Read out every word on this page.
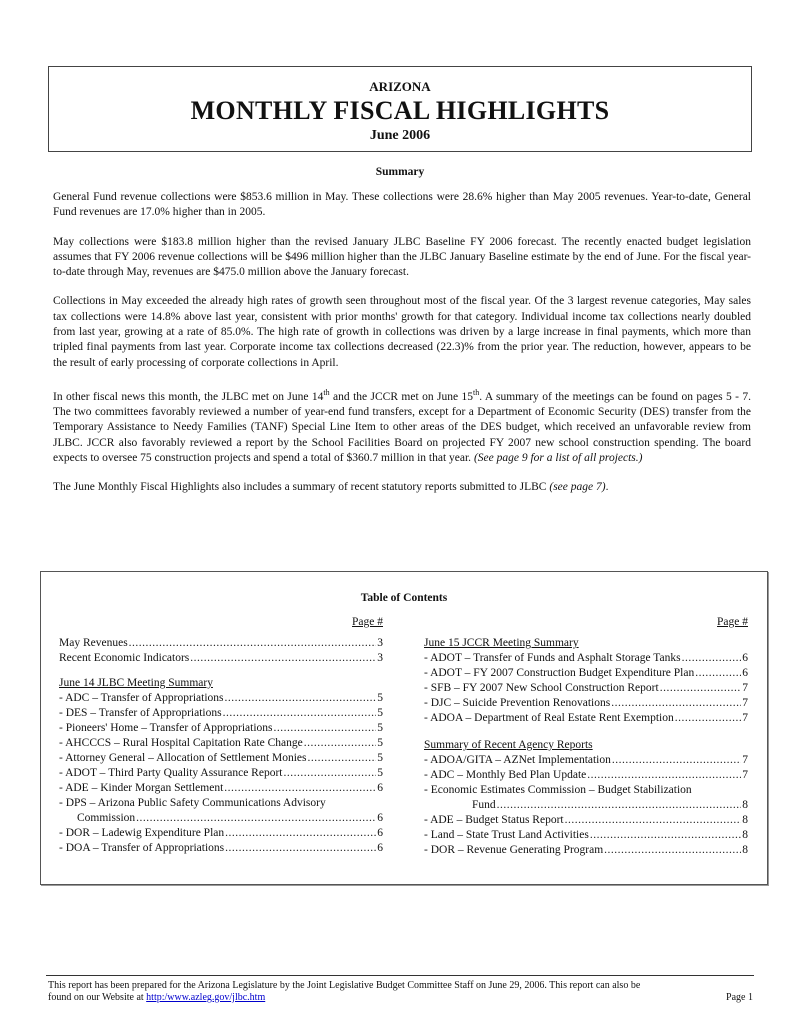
ARIZONA
MONTHLY FISCAL HIGHLIGHTS
June 2006
Summary

General Fund revenue collections were $853.6 million in May. These collections were 28.6% higher than May 2005 revenues. Year-to-date, General Fund revenues are 17.0% higher than in 2005.

May collections were $183.8 million higher than the revised January JLBC Baseline FY 2006 forecast. The recently enacted budget legislation assumes that FY 2006 revenue collections will be $496 million higher than the JLBC January Baseline estimate by the end of June. For the fiscal year-to-date through May, revenues are $475.0 million above the January forecast.

Collections in May exceeded the already high rates of growth seen throughout most of the fiscal year. Of the 3 largest revenue categories, May sales tax collections were 14.8% above last year, consistent with prior months' growth for that category. Individual income tax collections nearly doubled from last year, growing at a rate of 85.0%. The high rate of growth in collections was driven by a large increase in final payments, which more than tripled final payments from last year. Corporate income tax collections decreased (22.3)% from the prior year. The reduction, however, appears to be the result of early processing of corporate collections in April.

In other fiscal news this month, the JLBC met on June 14th and the JCCR met on June 15th. A summary of the meetings can be found on pages 5 - 7. The two committees favorably reviewed a number of year-end fund transfers, except for a Department of Economic Security (DES) transfer from the Temporary Assistance to Needy Families (TANF) Special Line Item to other areas of the DES budget, which received an unfavorable review from JLBC. JCCR also favorably reviewed a report by the School Facilities Board on projected FY 2007 new school construction spending. The board expects to oversee 75 construction projects and spend a total of $360.7 million in that year. (See page 9 for a list of all projects.)

The June Monthly Fiscal Highlights also includes a summary of recent statutory reports submitted to JLBC (see page 7).

Table of Contents
Page #
May Revenues .....	3
Recent Economic Indicators .....	3
June 14 JLBC Meeting Summary
- ADC – Transfer of Appropriations .....	5
- DES – Transfer of Appropriations .....	5
- Pioneers' Home – Transfer of Appropriations .....	5
- AHCCCS – Rural Hospital Capitation Rate Change .....	5
- Attorney General – Allocation of Settlement Monies .....	5
- ADOT – Third Party Quality Assurance Report .....	5
- ADE – Kinder Morgan Settlement .....	6
- DPS – Arizona Public Safety Communications Advisory
Commission .....	6
- DOR – Ladewig Expenditure Plan .....	6
- DOA – Transfer of Appropriations .....	6
Page #
June 15 JCCR Meeting Summary
- ADOT – Transfer of Funds and Asphalt Storage Tanks .....	6
- ADOT – FY 2007 Construction Budget Expenditure Plan .....	6
- SFB – FY 2007 New School Construction Report .....	7
- DJC – Suicide Prevention Renovations .....	7
- ADOA – Department of Real Estate Rent Exemption .....	7
Summary of Recent Agency Reports
- ADOA/GITA – AZNet Implementation .....	7
- ADC – Monthly Bed Plan Update .....	7
- Economic Estimates Commission – Budget Stabilization
Fund .....	8
- ADE – Budget Status Report .....	8
- Land – State Trust Land Activities .....	8
- DOR – Revenue Generating Program .....	8
This report has been prepared for the Arizona Legislature by the Joint Legislative Budget Committee Staff on June 29, 2006. This report can also be
found on our Website at http:/www.azleg.gov/jlbc.htm	Page 1
